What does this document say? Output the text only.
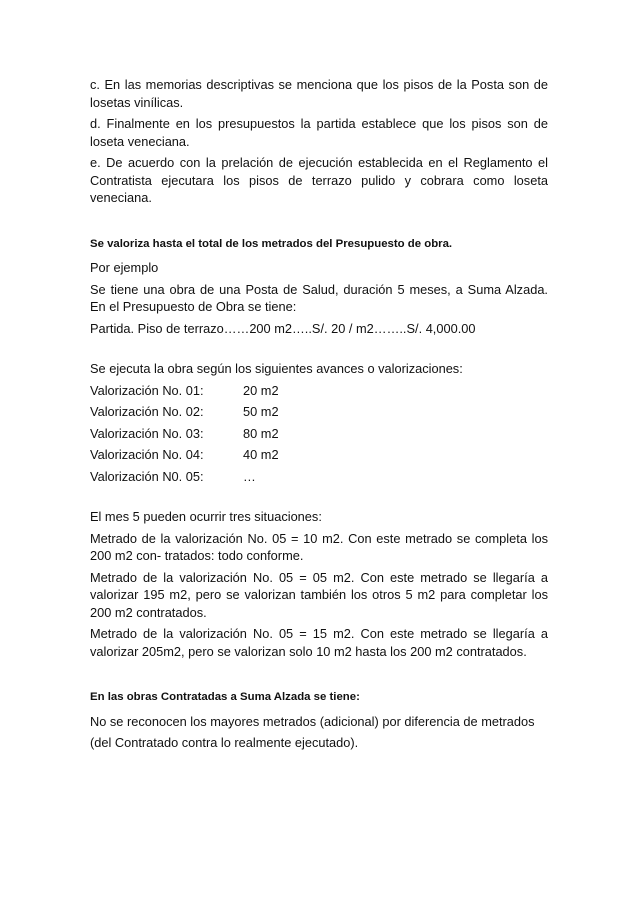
c. En las memorias descriptivas se menciona que los pisos de la Posta son de losetas vinílicas.

d. Finalmente en los presupuestos la partida establece que los pisos son de loseta veneciana.

e. De acuerdo con la prelación de ejecución establecida en el Reglamento el Contratista ejecutara los pisos de terrazo pulido y cobrara como loseta veneciana.

Se valoriza hasta el total de los metrados del Presupuesto de obra.

Por ejemplo

Se tiene una obra de una Posta de Salud, duración 5 meses, a Suma Alzada. En el Presupuesto de Obra se tiene:

Partida. Piso de terrazo……200 m2…..S/. 20 / m2……..S/. 4,000.00

Se ejecuta la obra según los siguientes avances o valorizaciones:

Valorización No. 01:	20 m2
Valorización No. 02:	50 m2
Valorización No. 03:	80 m2
Valorización No. 04:	40 m2
Valorización N0. 05:	…

El mes 5 pueden ocurrir tres situaciones:

Metrado de la valorización No. 05 = 10 m2. Con este metrado se completa los 200 m2 con- tratados: todo conforme.

Metrado de la valorización No. 05 = 05 m2. Con este metrado se llegaría a valorizar 195 m2, pero se valorizan también los otros 5 m2 para completar los 200 m2 contratados.

Metrado de la valorización No. 05 = 15 m2. Con este metrado se llegaría a valorizar 205m2, pero se valorizan solo 10 m2 hasta los 200 m2 contratados.

En las obras Contratadas a Suma Alzada se tiene:

No se reconocen los mayores metrados (adicional) por diferencia de metrados

(del Contratado contra lo realmente ejecutado).
